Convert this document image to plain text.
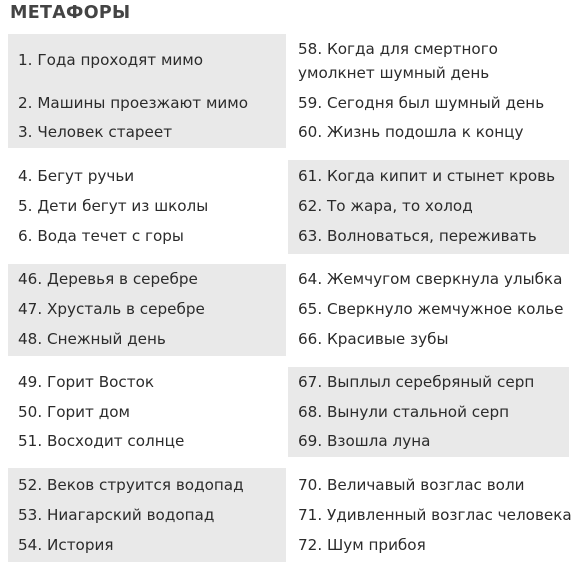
МЕТАФОРЫ
1. Года проходят мимо
2. Машины проезжают мимо
3. Человек стареет
58. Когда для смертного умолкнет шумный день
59. Сегодня был шумный день
60. Жизнь подошла к концу
4. Бегут ручьи
5. Дети бегут из школы
6. Вода течет с горы
61. Когда кипит и стынет кровь
62. То жара, то холод
63. Волноваться, переживать
46. Деревья в серебре
47. Хрусталь в серебре
48. Снежный день
64. Жемчугом сверкнула улыбка
65. Сверкнуло жемчужное колье
66. Красивые зубы
49. Горит Восток
50. Горит дом
51. Восходит солнце
67. Выплыл серебряный серп
68. Вынули стальной серп
69. Взошла луна
52. Веков струится водопад
53. Ниагарский водопад
54. История
70. Величавый возглас воли
71. Удивленный возглас человека
72. Шум прибоя
